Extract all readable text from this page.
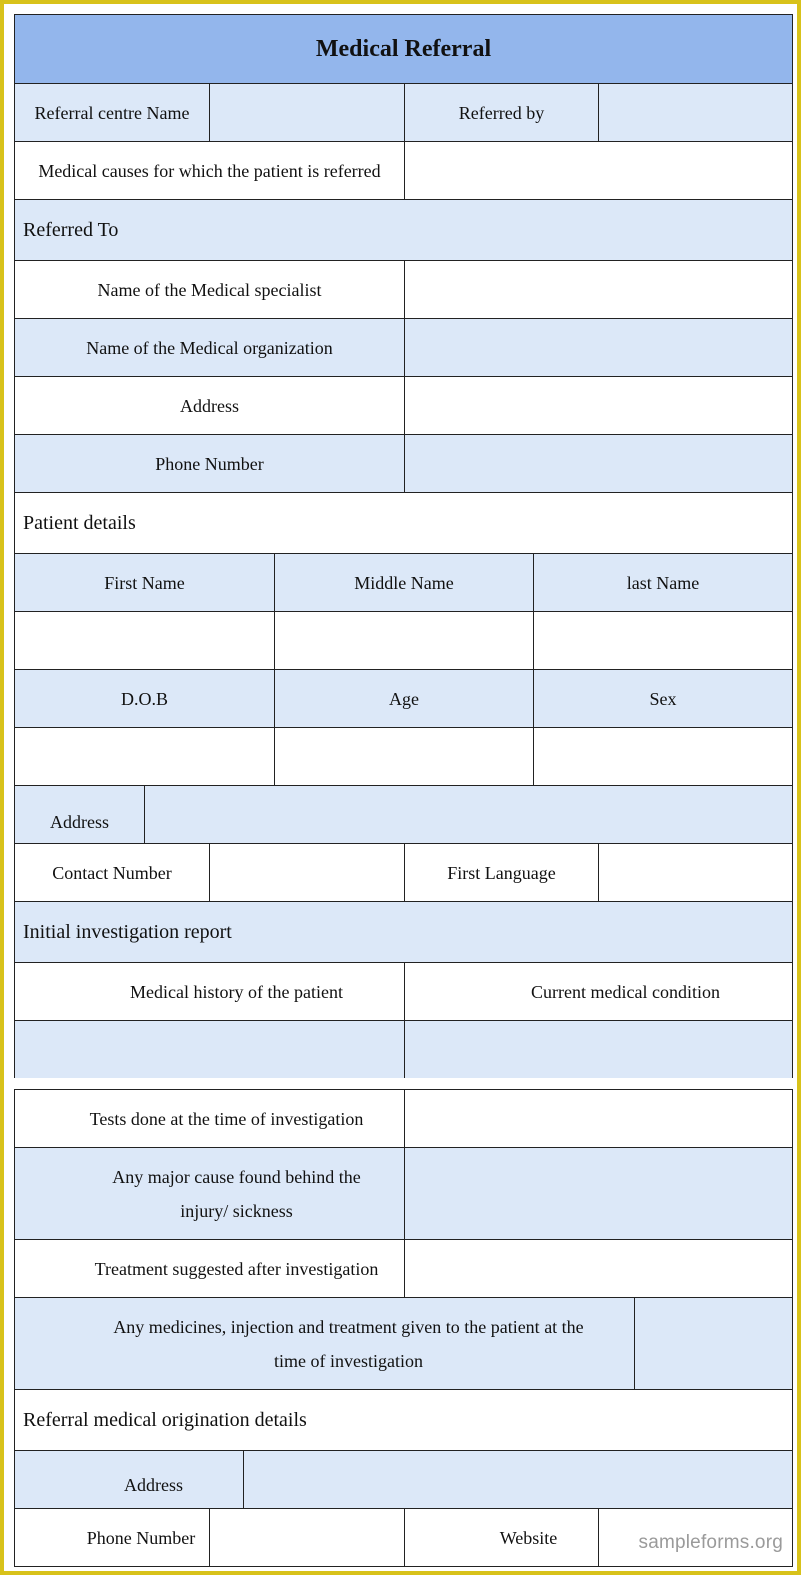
Medical Referral
Referral centre Name	Referred by
Medical causes for which the patient is referred
Referred To
Name of the Medical specialist
Name of the Medical organization
Address
Phone Number
Patient details
First Name	Middle Name	last Name
D.O.B	Age	Sex
Address
Contact Number	First Language
Initial investigation report
Medical history of the patient	Current medical condition
Tests done at the time of investigation
Any major cause found behind the
injury/ sickness
Treatment suggested after investigation
Any medicines, injection and treatment given to the patient at the
time of investigation
Referral medical origination details
Address
Phone Number	Website	sampleforms.org
